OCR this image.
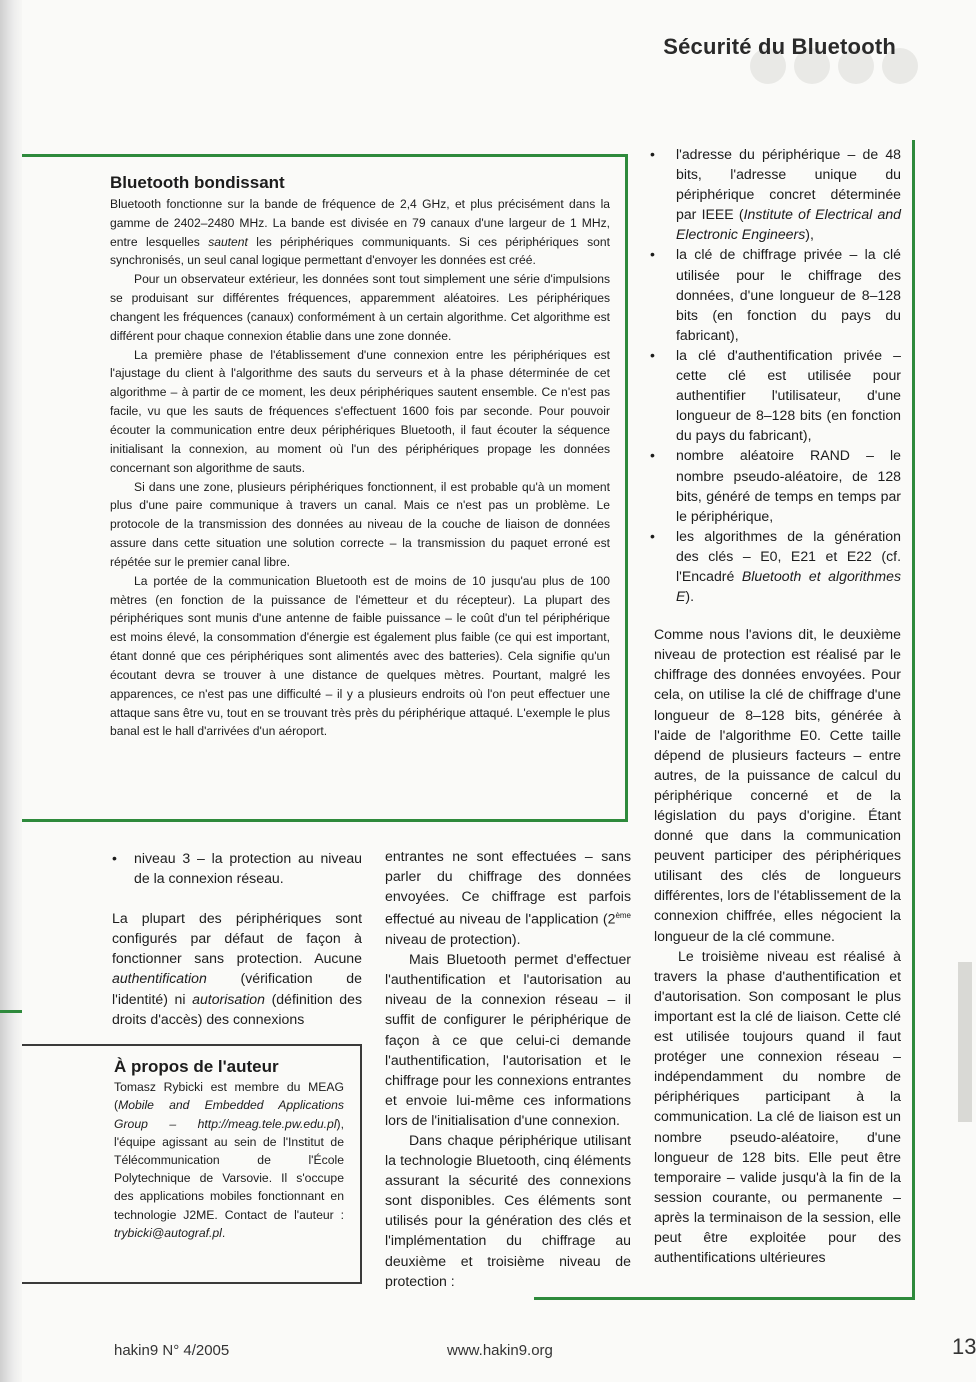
Sécurité du Bluetooth
Bluetooth bondissant

Bluetooth fonctionne sur la bande de fréquence de 2,4 GHz, et plus précisément dans la gamme de 2402–2480 MHz. La bande est divisée en 79 canaux d'une largeur de 1 MHz, entre lesquelles sautent les périphériques communiquants. Si ces périphériques sont synchronisés, un seul canal logique permettant d'envoyer les données est créé.

Pour un observateur extérieur, les données sont tout simplement une série d'impulsions se produisant sur différentes fréquences, apparemment aléatoires. Les périphériques changent les fréquences (canaux) conformément à un certain algorithme. Cet algorithme est différent pour chaque connexion établie dans une zone donnée.

La première phase de l'établissement d'une connexion entre les périphériques est l'ajustage du client à l'algorithme des sauts du serveurs et à la phase déterminée de cet algorithme – à partir de ce moment, les deux périphériques sautent ensemble. Ce n'est pas facile, vu que les sauts de fréquences s'effectuent 1600 fois par seconde. Pour pouvoir écouter la communication entre deux périphériques Bluetooth, il faut écouter la séquence initialisant la connexion, au moment où l'un des périphériques propage les données concernant son algorithme de sauts.

Si dans une zone, plusieurs périphériques fonctionnent, il est probable qu'à un moment plus d'une paire communique à travers un canal. Mais ce n'est pas un problème. Le protocole de la transmission des données au niveau de la couche de liaison de données assure dans cette situation une solution correcte – la transmission du paquet erroné est répétée sur le premier canal libre.

La portée de la communication Bluetooth est de moins de 10 jusqu'au plus de 100 mètres (en fonction de la puissance de l'émetteur et du récepteur). La plupart des périphériques sont munis d'une antenne de faible puissance – le coût d'un tel périphérique est moins élevé, la consommation d'énergie est également plus faible (ce qui est important, étant donné que ces périphériques sont alimentés avec des batteries). Cela signifie qu'un écoutant devra se trouver à une distance de quelques mètres. Pourtant, malgré les apparences, ce n'est pas une difficulté – il y a plusieurs endroits où l'on peut effectuer une attaque sans être vu, tout en se trouvant très près du périphérique attaqué. L'exemple le plus banal est le hall d'arrivées d'un aéroport.

• niveau 3 – la protection au niveau de la connexion réseau.

La plupart des périphériques sont configurés par défaut de façon à fonctionner sans protection. Aucune authentification (vérification de l'identité) ni autorisation (définition des droits d'accès) des connexions

À propos de l'auteur

Tomasz Rybicki est membre du MEAG (Mobile and Embedded Applications Group – http://meag.tele.pw.edu.pl), l'équipe agissant au sein de l'Institut de Télécommunication de l'École Polytechnique de Varsovie. Il s'occupe des applications mobiles fonctionnant en technologie J2ME. Contact de l'auteur : trybicki@autograf.pl.

entrantes ne sont effectuées – sans parler du chiffrage des données envoyées. Ce chiffrage est parfois effectué au niveau de l'application (2ème niveau de protection).

Mais Bluetooth permet d'effectuer l'authentification et l'autorisation au niveau de la connexion réseau – il suffit de configurer le périphérique de façon à ce que celui-ci demande l'authentification, l'autorisation et le chiffrage pour les connexions entrantes et envoie lui-même ces informations lors de l'initialisation d'une connexion.

Dans chaque périphérique utilisant la technologie Bluetooth, cinq éléments assurant la sécurité des connexions sont disponibles. Ces éléments sont utilisés pour la génération des clés et l'implémentation du chiffrage au deuxième et troisième niveau de protection :

• l'adresse du périphérique – de 48 bits, l'adresse unique du périphérique concret déterminée par IEEE (Institute of Electrical and Electronic Engineers),
• la clé de chiffrage privée – la clé utilisée pour le chiffrage des données, d'une longueur de 8–128 bits (en fonction du pays du fabricant),
• la clé d'authentification privée – cette clé est utilisée pour authentifier l'utilisateur, d'une longueur de 8–128 bits (en fonction du pays du fabricant),
• nombre aléatoire RAND – le nombre pseudo-aléatoire, de 128 bits, généré de temps en temps par le périphérique,
• les algorithmes de la génération des clés – E0, E21 et E22 (cf. l'Encadré Bluetooth et algorithmes E).

Comme nous l'avions dit, le deuxième niveau de protection est réalisé par le chiffrage des données envoyées. Pour cela, on utilise la clé de chiffrage d'une longueur de 8–128 bits, générée à l'aide de l'algorithme E0. Cette taille dépend de plusieurs facteurs – entre autres, de la puissance de calcul du périphérique concerné et de la législation du pays d'origine. Étant donné que dans la communication peuvent participer des périphériques utilisant des clés de longueurs différentes, lors de l'établissement de la connexion chiffrée, elles négocient la longueur de la clé commune.

Le troisième niveau est réalisé à travers la phase d'authentification et d'autorisation. Son composant le plus important est la clé de liaison. Cette clé est utilisée toujours quand il faut protéger une connexion réseau – indépendamment du nombre de périphériques participant à la communication. La clé de liaison est un nombre pseudo-aléatoire, d'une longueur de 128 bits. Elle peut être temporaire – valide jusqu'à la fin de la session courante, ou permanente – après la terminaison de la session, elle peut être exploitée pour des authentifications ultérieures

hakin9 N° 4/2005	www.hakin9.org	13
